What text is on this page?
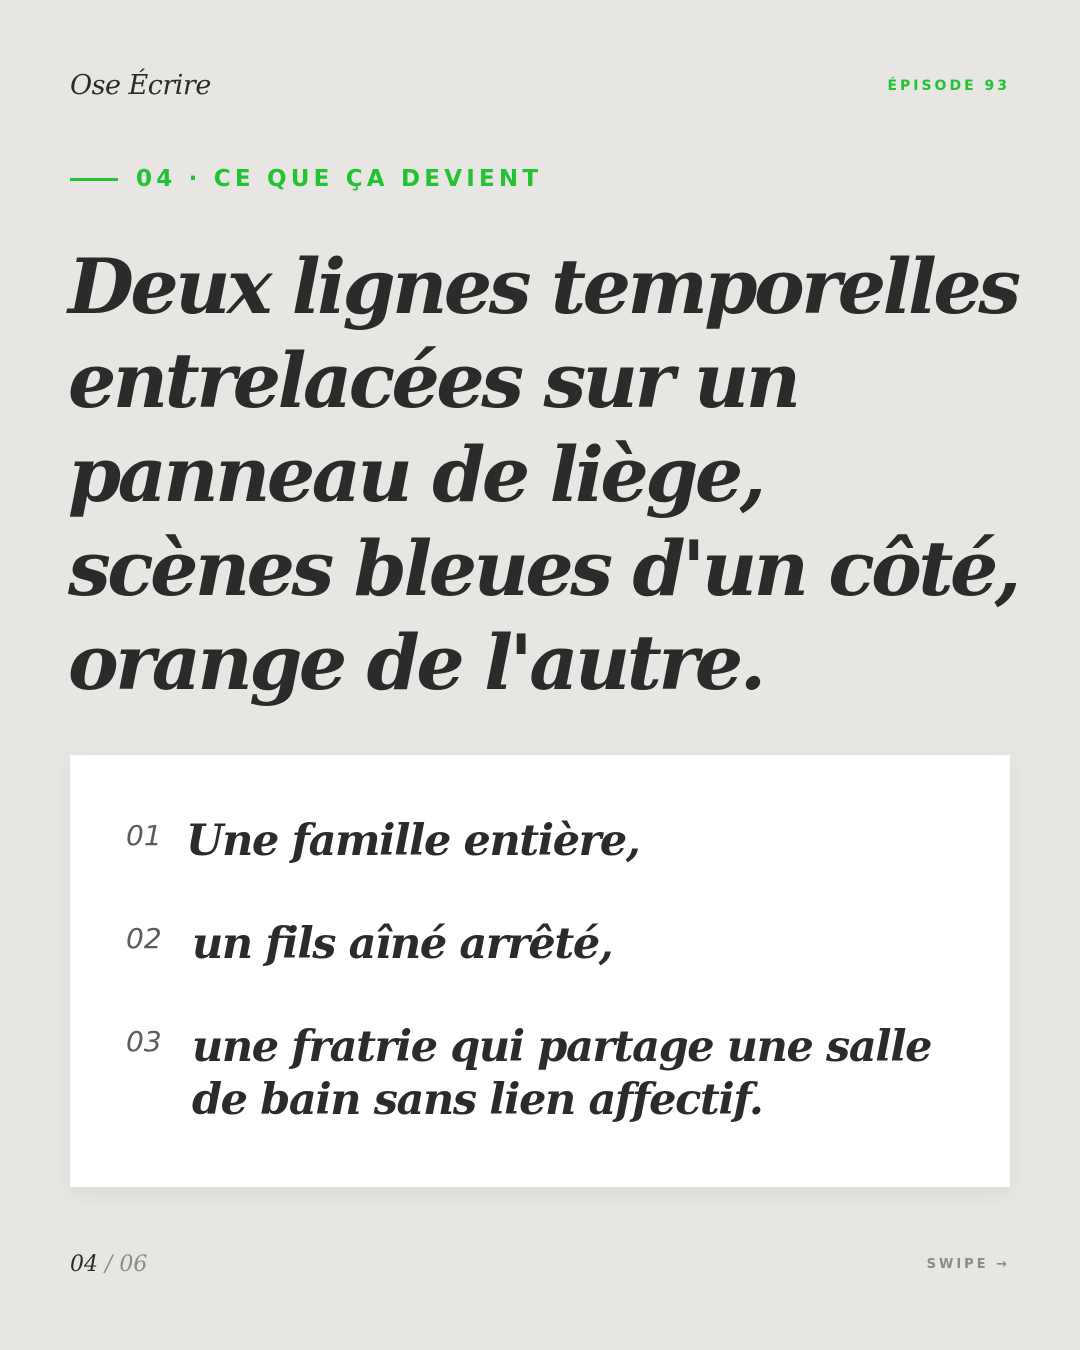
Ose Écrire	ÉPISODE 93
04 · CE QUE ÇA DEVIENT
Deux lignes temporelles entrelacées sur un panneau de liège, scènes bleues d'un côté, orange de l'autre.
01 Une famille entière,
02 un fils aîné arrêté,
03 une fratrie qui partage une salle de bain sans lien affectif.
04 / 06	SWIPE →
